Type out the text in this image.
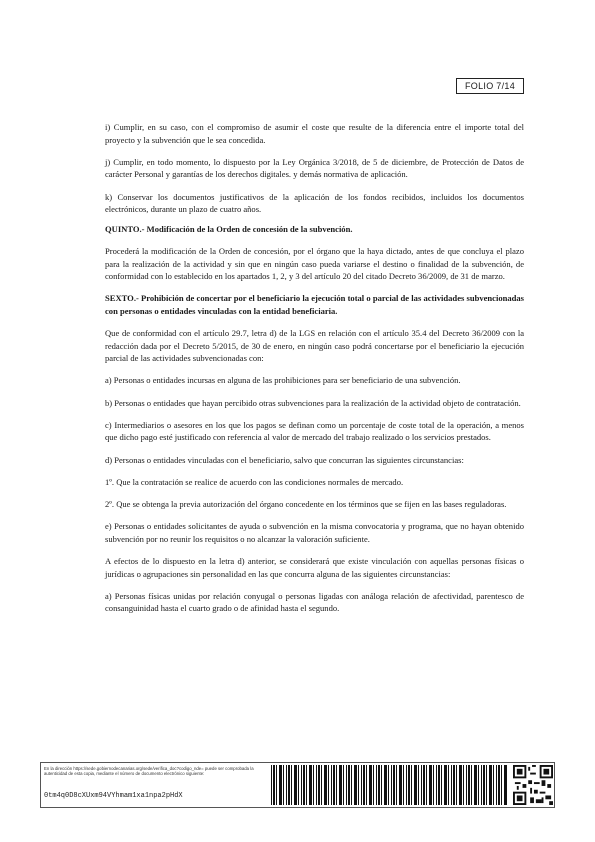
FOLIO 7/14

i) Cumplir, en su caso, con el compromiso de asumir el coste que resulte de la diferencia entre el importe total del proyecto y la subvención que le sea concedida.

j) Cumplir, en todo momento, lo dispuesto por la Ley Orgánica 3/2018, de 5 de diciembre, de Protección de Datos de carácter Personal y garantías de los derechos digitales. y demás normativa de aplicación.

k) Conservar los documentos justificativos de la aplicación de los fondos recibidos, incluidos los documentos electrónicos, durante un plazo de cuatro años.

QUINTO.- Modificación de la Orden de concesión de la subvención.

Procederá la modificación de la Orden de concesión, por el órgano que la haya dictado, antes de que concluya el plazo para la realización de la actividad y sin que en ningún caso pueda variarse el destino o finalidad de la subvención, de conformidad con lo establecido en los apartados 1, 2, y 3 del artículo 20 del citado Decreto 36/2009, de 31 de marzo.

SEXTO.- Prohibición de concertar por el beneficiario la ejecución total o parcial de las actividades subvencionadas con personas o entidades vinculadas con la entidad beneficiaria.

Que de conformidad con el artículo 29.7, letra d) de la LGS en relación con el artículo 35.4 del Decreto 36/2009 con la redacción dada por el Decreto 5/2015, de 30 de enero, en ningún caso podrá concertarse por el beneficiario la ejecución parcial de las actividades subvencionadas con:

a) Personas o entidades incursas en alguna de las prohibiciones para ser beneficiario de una subvención.

b) Personas o entidades que hayan percibido otras subvenciones para la realización de la actividad objeto de contratación.

c) Intermediarios o asesores en los que los pagos se definan como un porcentaje de coste total de la operación, a menos que dicho pago esté justificado con referencia al valor de mercado del trabajo realizado o los servicios prestados.

d) Personas o entidades vinculadas con el beneficiario, salvo que concurran las siguientes circunstancias:

1º. Que la contratación se realice de acuerdo con las condiciones normales de mercado.

2º. Que se obtenga la previa autorización del órgano concedente en los términos que se fijen en las bases reguladoras.

e) Personas o entidades solicitantes de ayuda o subvención en la misma convocatoria y programa, que no hayan obtenido subvención por no reunir los requisitos o no alcanzar la valoración suficiente.

A efectos de lo dispuesto en la letra d) anterior, se considerará que existe vinculación con aquellas personas físicas o jurídicas o agrupaciones sin personalidad en las que concurra alguna de las siguientes circunstancias:

a) Personas físicas unidas por relación conyugal o personas ligadas con análoga relación de afectividad, parentesco de consanguinidad hasta el cuarto grado o de afinidad hasta el segundo.

En la dirección https://sede.gobiernodecanarias.org/sede/verifica_doc?codigo_nde= puede ser comprobada la autenticidad de esta copia, mediante el número de documento electrónico siguiente:
0tm4q0D8cXUxm94VYhmam1xa1npa2pHdX
